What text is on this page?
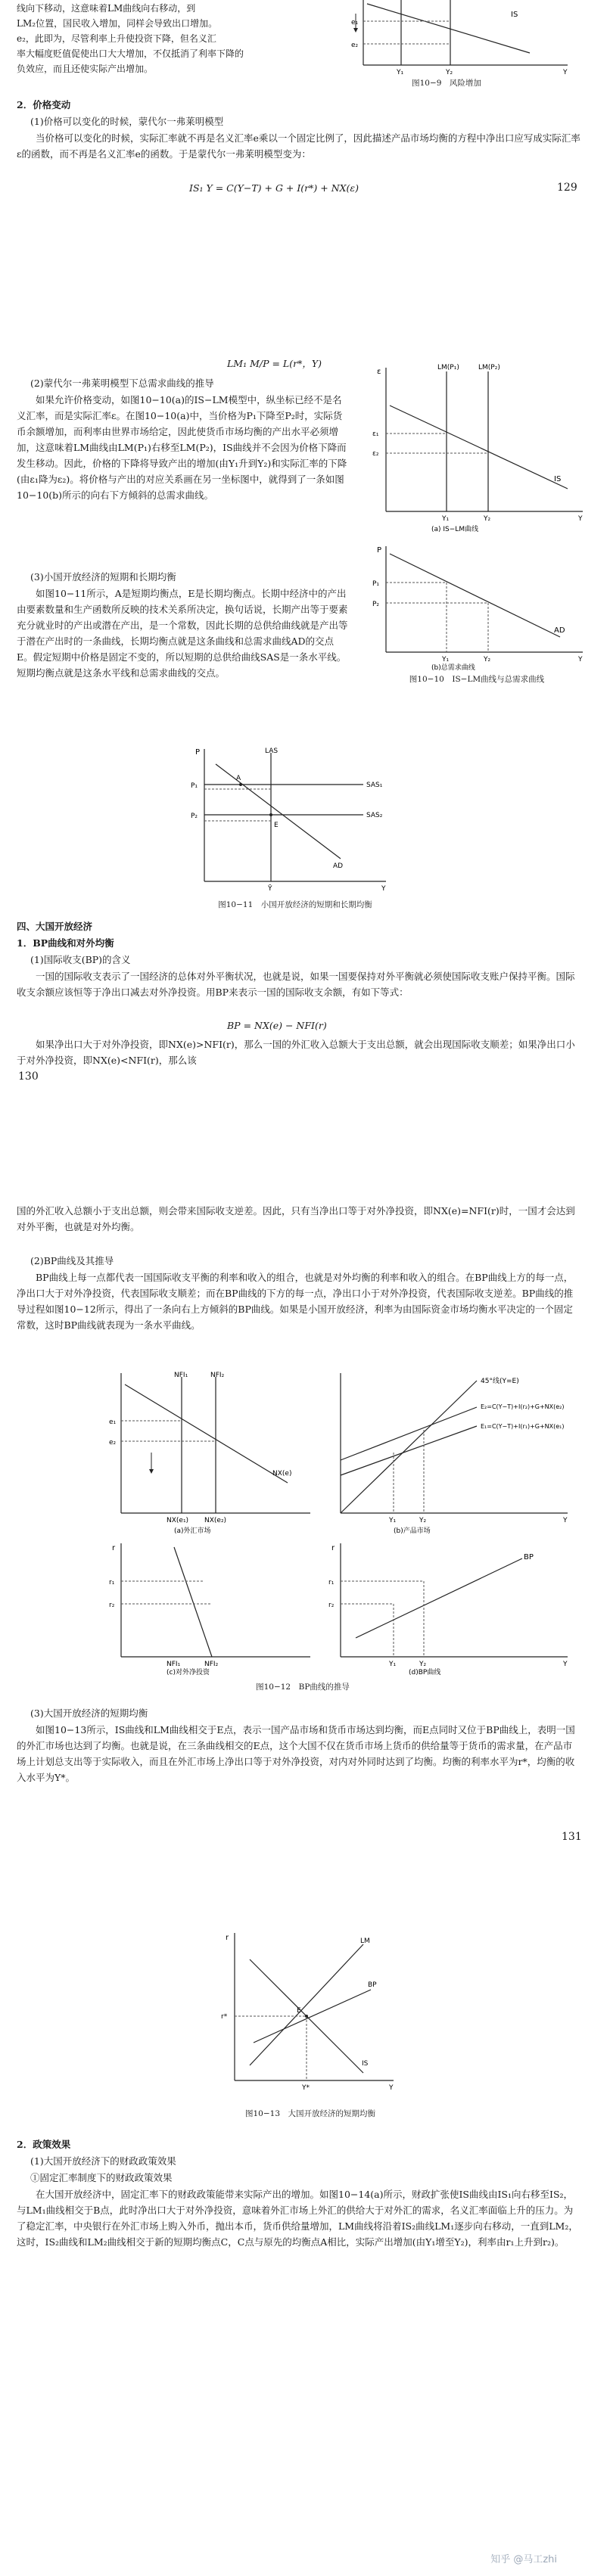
线向下移动，这意味着LM曲线向右移动，到
LM₂位置，国民收入增加，同样会导致出口增加。
e₂，此即为，尽管利率上升使投资下降，但名义汇
率大幅度贬值促使出口大大增加，不仅抵消了利率下降的
负效应，而且还使实际产出增加。
IS
e₁
e₂
Y₁	Y₂	Y
图10−9　风险增加
2．价格变动
(1)价格可以变化的时候，蒙代尔一弗莱明模型
当价格可以变化的时候，实际汇率就不再是名义汇率e乘以一个固定比例了，因此描述产品市场均衡的方程中净出口应写成实际汇率ε的函数，而不再是名义汇率e的函数。于是蒙代尔一弗莱明模型变为：
IS₁ Y = C(Y−T) + G + I(r*) + NX(ε)	129
LM₁ M/P = L(r*，Y)
(2)蒙代尔一弗莱明模型下总需求曲线的推导
如果允许价格变动，如图10−10(a)的IS−LM模型中，纵坐标已经不是名义汇率，而是实际汇率ε。在图10−10(a)中，当价格为P₁下降至P₂时，实际货币余额增加，而利率由世界市场给定，因此使货币市场均衡的产出水平必须增加，这意味着LM曲线由LM(P₁)右移至LM(P₂)，IS曲线并不会因为价格下降而发生移动。因此，价格的下降将导致产出的增加(由Y₁升到Y₂)和实际汇率的下降(由ε₁降为ε₂)。将价格与产出的对应关系画在另一坐标图中，就得到了一条如图10−10(b)所示的向右下方倾斜的总需求曲线。
(3)小国开放经济的短期和长期均衡
如图10−11所示，A是短期均衡点，E是长期均衡点。长期中经济中的产出由要素数量和生产函数所反映的技术关系所决定，换句话说，长期产出等于要素充分就业时的产出或潜在产出，是一个常数，因此长期的总供给曲线就是产出等于潜在产出时的一条曲线，长期均衡点就是这条曲线和总需求曲线AD的交点E。假定短期中价格是固定不变的，所以短期的总供给曲线SAS是一条水平线。短期均衡点就是这条水平线和总需求曲线的交点。
LM(P₁)	LM(P₂)
IS
ε
ε₁
ε₂
Y₁	Y₂	Y
(a) IS−LM曲线
P
P₁
P₂
AD
Y₁	Y₂	Y
(b)总需求曲线
图10−10　IS−LM曲线与总需求曲线
LAS
P
SAS₁
SAS₂
A
E
AD
P₁
P₂
Ȳ	Y
图10−11　小国开放经济的短期和长期均衡
四、大国开放经济
1．BP曲线和对外均衡
(1)国际收支(BP)的含义
一国的国际收支表示了一国经济的总体对外平衡状况，也就是说，如果一国要保持对外平衡就必须使国际收支账户保持平衡。国际收支余额应该恒等于净出口减去对外净投资。用BP来表示一国的国际收支余额，有如下等式：
BP = NX(e) − NFI(r)
如果净出口大于对外净投资，即NX(e)>NFI(r)，那么一国的外汇收入总额大于支出总额，就会出现国际收支顺差；如果净出口小于对外净投资，即NX(e)<NFI(r)，那么该
130
国的外汇收入总额小于支出总额，则会带来国际收支逆差。因此，只有当净出口等于对外净投资，即NX(e)=NFI(r)时，一国才会达到对外平衡，也就是对外均衡。
(2)BP曲线及其推导
BP曲线上每一点都代表一国国际收支平衡的利率和收入的组合，也就是对外均衡的利率和收入的组合。在BP曲线上方的每一点，净出口大于对外净投资，代表国际收支顺差；而在BP曲线的下方的每一点，净出口小于对外净投资，代表国际收支逆差。BP曲线的推导过程如图10−12所示，得出了一条向右上方倾斜的BP曲线。如果是小国开放经济，利率为由国际资金市场均衡水平决定的一个固定常数，这时BP曲线就表现为一条水平曲线。
NFI₁	NFI₂
NX(e)
e₁
e₂
NX(e₁) NX(e₂)
(a)外汇市场
45°线(Y=E)
E₂=C(Y−T)+I(r₂)+G+NX(e₂)
E₁=C(Y−T)+I(r₁)+G+NX(e₁)
Y₁	Y₂	Y
(b)产品市场
r
r₁
r₂
NFI₁	NFI₂
(c)对外净投资
r
r₁
r₂
BP
Y₁	Y₂	Y
(d)BP曲线
图10−12　BP曲线的推导
(3)大国开放经济的短期均衡
如图10−13所示，IS曲线和LM曲线相交于E点，表示一国产品市场和货币市场达到均衡，而E点同时又位于BP曲线上，表明一国的外汇市场也达到了均衡。也就是说，在三条曲线相交的E点，这个大国不仅在货币市场上货币的供给量等于货币的需求量，在产品市场上计划总支出等于实际收入，而且在外汇市场上净出口等于对外净投资，对内对外同时达到了均衡。均衡的利率水平为r*，均衡的收入水平为Y*。
131
r	LM
BP
IS
E
r*
Y*	Y
图10−13　大国开放经济的短期均衡
2．政策效果
(1)大国开放经济下的财政政策效果
①固定汇率制度下的财政政策效果
在大国开放经济中，固定汇率下的财政政策能带来实际产出的增加。如图10−14(a)所示，财政扩张使IS曲线由IS₁向右移至IS₂，与LM₁曲线相交于B点，此时净出口大于对外净投资，意味着外汇市场上外汇的供给大于对外汇的需求，名义汇率面临上升的压力。为了稳定汇率，中央银行在外汇市场上购入外币，抛出本币，货币供给量增加，LM曲线将沿着IS₂曲线LM₁逐步向右移动，一直到LM₂，这时，IS₂曲线和LM₂曲线相交于新的短期均衡点C，C点与原先的均衡点A相比，实际产出增加(由Y₁增至Y₂)，利率由r₁上升到r₂)。
知乎 @马工zhi
